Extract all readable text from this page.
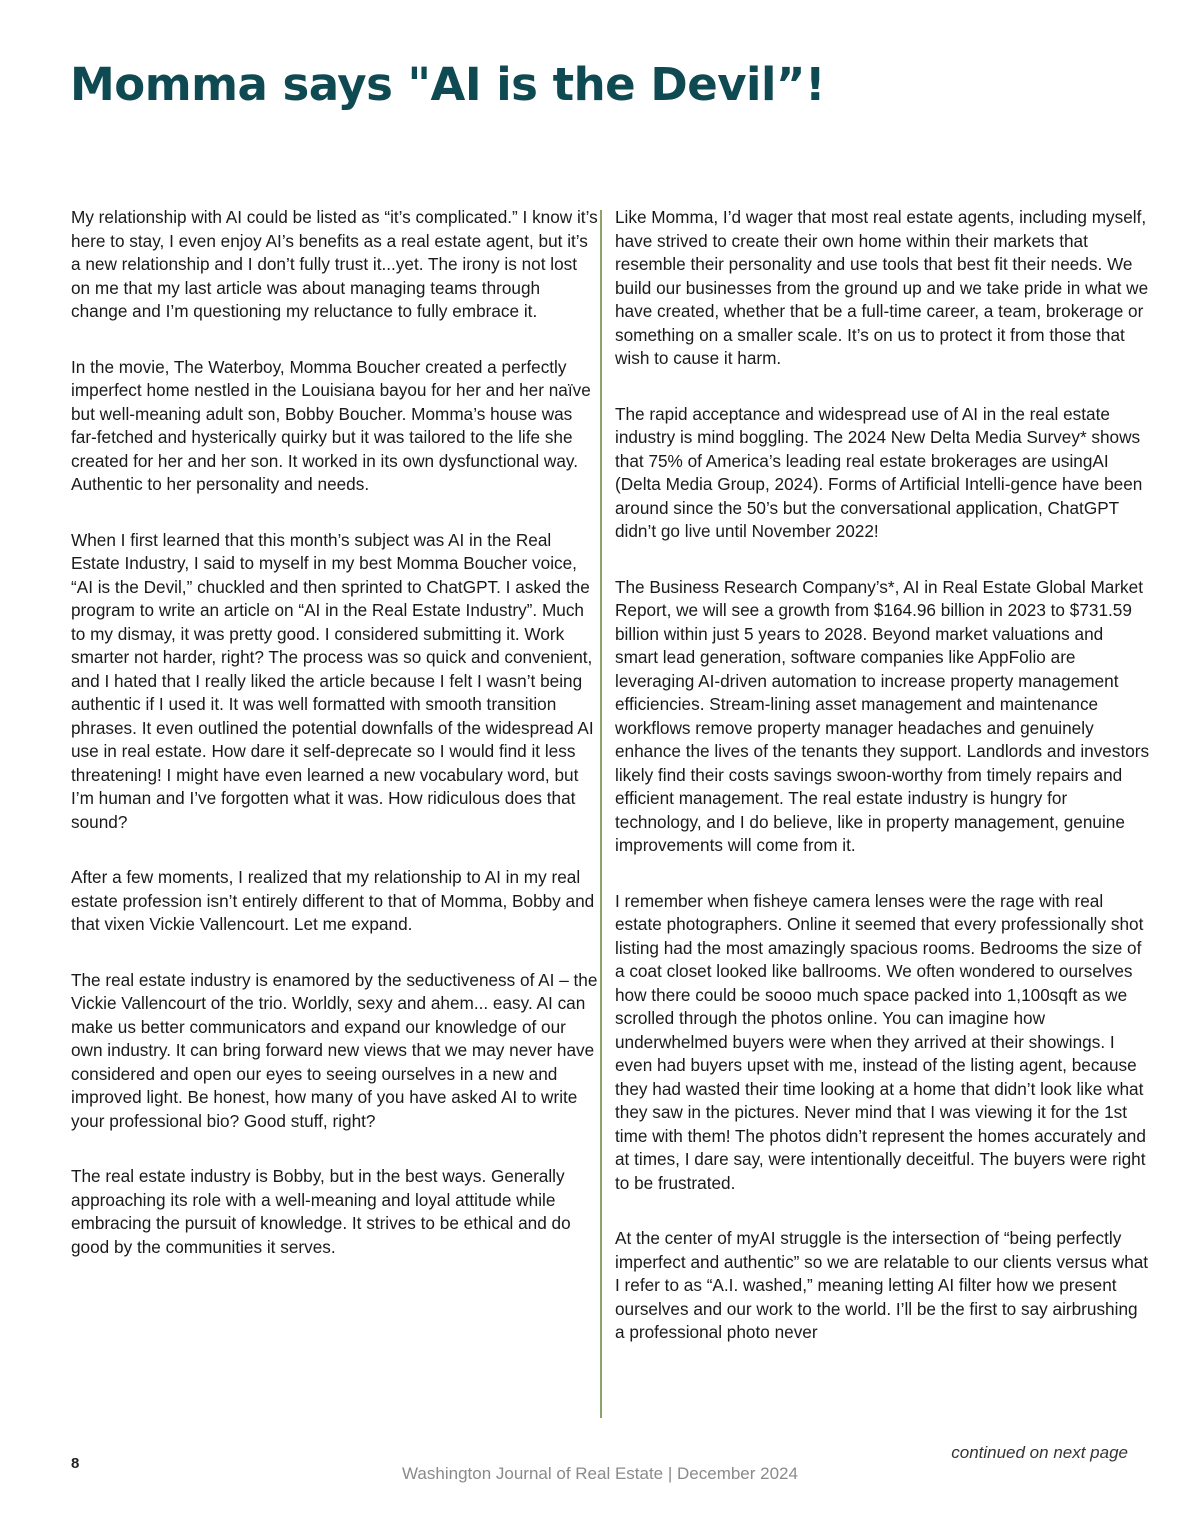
Momma says "AI is the Devil”!

My relationship with AI could be listed as “it’s complicated.” I know it’s here to stay, I even enjoy AI’s benefits as a real estate agent, but it’s a new relationship and I don’t fully trust it...yet. The irony is not lost on me that my last article was about managing teams through change and I’m questioning my reluctance to fully embrace it.

In the movie, The Waterboy, Momma Boucher created a perfectly imperfect home nestled in the Louisiana bayou for her and her naïve but well-meaning adult son, Bobby Boucher. Momma’s house was far-fetched and hysterically quirky but it was tailored to the life she created for her and her son. It worked in its own dysfunctional way. Authentic to her personality and needs.

When I first learned that this month’s subject was AI in the Real Estate Industry, I said to myself in my best Momma Boucher voice, “AI is the Devil,” chuckled and then sprinted to ChatGPT. I asked the program to write an article on “AI in the Real Estate Industry”. Much to my dismay, it was pretty good. I considered submitting it. Work smarter not harder, right? The process was so quick and convenient, and I hated that I really liked the article because I felt I wasn’t being authentic if I used it. It was well formatted with smooth transition phrases. It even outlined the potential downfalls of the widespread AI use in real estate. How dare it self-deprecate so I would find it less threatening! I might have even learned a new vocabulary word, but I’m human and I’ve forgotten what it was. How ridiculous does that sound?

After a few moments, I realized that my relationship to AI in my real estate profession isn’t entirely different to that of Momma, Bobby and that vixen Vickie Vallencourt. Let me expand.

The real estate industry is enamored by the seductiveness of AI – the Vickie Vallencourt of the trio. Worldly, sexy and ahem... easy. AI can make us better communicators and expand our knowledge of our own industry. It can bring forward new views that we may never have considered and open our eyes to seeing ourselves in a new and improved light. Be honest, how many of you have asked AI to write your professional bio? Good stuff, right?

The real estate industry is Bobby, but in the best ways. Generally approaching its role with a well-meaning and loyal attitude while embracing the pursuit of knowledge. It strives to be ethical and do good by the communities it serves.

Like Momma, I’d wager that most real estate agents, including myself, have strived to create their own home within their markets that resemble their personality and use tools that best fit their needs. We build our businesses from the ground up and we take pride in what we have created, whether that be a full-time career, a team, brokerage or something on a smaller scale. It’s on us to protect it from those that wish to cause it harm.

The rapid acceptance and widespread use of AI in the real estate industry is mind boggling. The 2024 New Delta Media Survey* shows that 75% of America’s leading real estate brokerages are usingAI (Delta Media Group, 2024). Forms of Artificial Intelli-gence have been around since the 50’s but the conversational application, ChatGPT didn’t go live until November 2022!

The Business Research Company’s*, AI in Real Estate Global Market Report, we will see a growth from $164.96 billion in 2023 to $731.59 billion within just 5 years to 2028. Beyond market valuations and smart lead generation, software companies like AppFolio are leveraging AI-driven automation to increase property management efficiencies. Stream-lining asset management and maintenance workflows remove property manager headaches and genuinely enhance the lives of the tenants they support. Landlords and investors likely find their costs savings swoon-worthy from timely repairs and efficient management. The real estate industry is hungry for technology, and I do believe, like in property management, genuine improvements will come from it.

I remember when fisheye camera lenses were the rage with real estate photographers. Online it seemed that every professionally shot listing had the most amazingly spacious rooms. Bedrooms the size of a coat closet looked like ballrooms. We often wondered to ourselves how there could be soooo much space packed into 1,100sqft as we scrolled through the photos online. You can imagine how underwhelmed buyers were when they arrived at their showings. I even had buyers upset with me, instead of the listing agent, because they had wasted their time looking at a home that didn’t look like what they saw in the pictures. Never mind that I was viewing it for the 1st time with them! The photos didn’t represent the homes accurately and at times, I dare say, were intentionally deceitful. The buyers were right to be frustrated.

At the center of myAI struggle is the intersection of “being perfectly imperfect and authentic” so we are relatable to our clients versus what I refer to as “A.I. washed,” meaning letting AI filter how we present ourselves and our work to the world. I’ll be the first to say airbrushing a professional photo never

continued on next page
8
Washington Journal of Real Estate | December 2024
